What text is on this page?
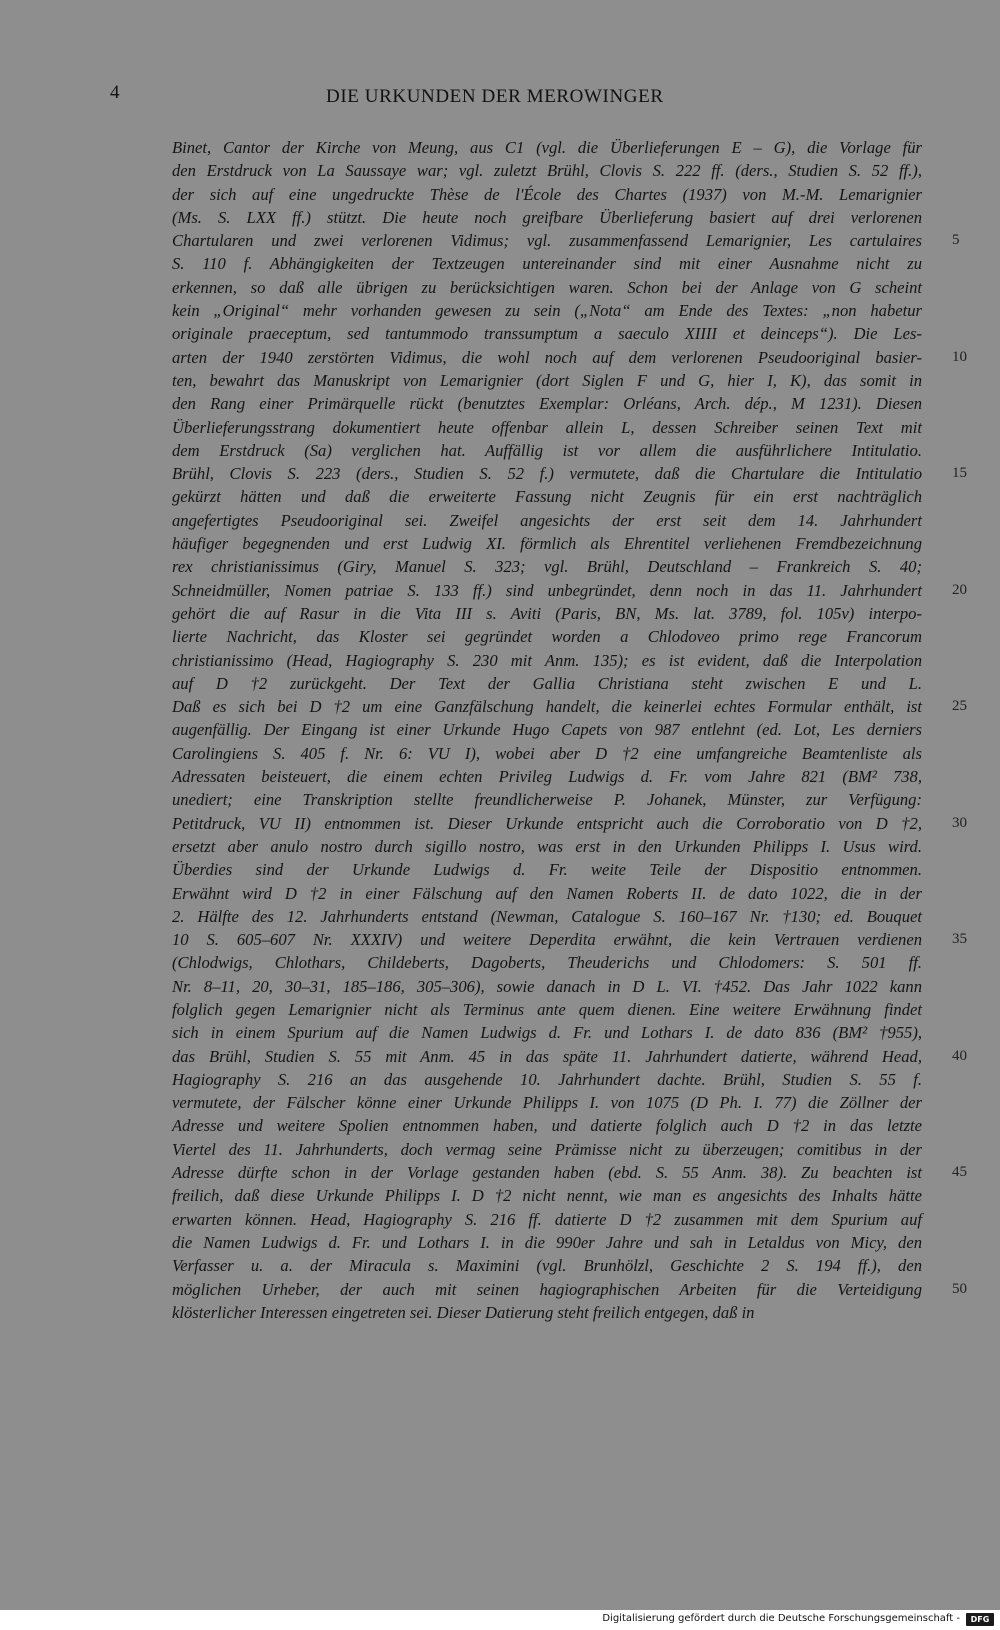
4	DIE URKUNDEN DER MEROWINGER
Binet, Cantor der Kirche von Meung, aus C1 (vgl. die Überlieferungen E – G), die Vorlage für
den Erstdruck von La Saussaye war; vgl. zuletzt Brühl, Clovis S. 222 ff. (ders., Studien S. 52 ff.),
der sich auf eine ungedruckte Thèse de l'École des Chartes (1937) von M.-M. Lemarignier
(Ms. S. LXX ff.) stützt. Die heute noch greifbare Überlieferung basiert auf drei verlorenen
Chartularen und zwei verlorenen Vidimus; vgl. zusammenfassend Lemarignier, Les cartulaires 5
S. 110 f. Abhängigkeiten der Textzeugen untereinander sind mit einer Ausnahme nicht zu
erkennen, so daß alle übrigen zu berücksichtigen waren. Schon bei der Anlage von G scheint
kein „Original“ mehr vorhanden gewesen zu sein („Nota“ am Ende des Textes: „non habetur
originale praeceptum, sed tantummodo transsumptum a saeculo XIIII et deinceps“). Die Les-
arten der 1940 zerstörten Vidimus, die wohl noch auf dem verlorenen Pseudooriginal basier- 10
ten, bewahrt das Manuskript von Lemarignier (dort Siglen F und G, hier I, K), das somit in
den Rang einer Primärquelle rückt (benutztes Exemplar: Orléans, Arch. dép., M 1231). Diesen
Überlieferungsstrang dokumentiert heute offenbar allein L, dessen Schreiber seinen Text mit
dem Erstdruck (Sa) verglichen hat. Auffällig ist vor allem die ausführlichere Intitulatio.
Brühl, Clovis S. 223 (ders., Studien S. 52 f.) vermutete, daß die Chartulare die Intitulatio 15
gekürzt hätten und daß die erweiterte Fassung nicht Zeugnis für ein erst nachträglich
angefertigtes Pseudooriginal sei. Zweifel angesichts der erst seit dem 14. Jahrhundert
häufiger begegnenden und erst Ludwig XI. förmlich als Ehrentitel verliehenen Fremdbezeichnung
rex christianissimus (Giry, Manuel S. 323; vgl. Brühl, Deutschland – Frankreich S. 40;
Schneidmüller, Nomen patriae S. 133 ff.) sind unbegründet, denn noch in das 11. Jahrhundert 20
gehört die auf Rasur in die Vita III s. Aviti (Paris, BN, Ms. lat. 3789, fol. 105v) interpo-
lierte Nachricht, das Kloster sei gegründet worden a Chlodoveo primo rege Francorum
christianissimo (Head, Hagiography S. 230 mit Anm. 135); es ist evident, daß die Interpolation
auf D †2 zurückgeht. Der Text der Gallia Christiana steht zwischen E und L.
Daß es sich bei D †2 um eine Ganzfälschung handelt, die keinerlei echtes Formular enthält, ist 25
augenfällig. Der Eingang ist einer Urkunde Hugo Capets von 987 entlehnt (ed. Lot, Les derniers
Carolingiens S. 405 f. Nr. 6: VU I), wobei aber D †2 eine umfangreiche Beamtenliste als
Adressaten beisteuert, die einem echten Privileg Ludwigs d. Fr. vom Jahre 821 (BM² 738,
unediert; eine Transkription stellte freundlicherweise P. Johanek, Münster, zur Verfügung:
Petitdruck, VU II) entnommen ist. Dieser Urkunde entspricht auch die Corroboratio von D †2, 30
ersetzt aber anulo nostro durch sigillo nostro, was erst in den Urkunden Philipps I. Usus wird.
Überdies sind der Urkunde Ludwigs d. Fr. weite Teile der Dispositio entnommen.
Erwähnt wird D †2 in einer Fälschung auf den Namen Roberts II. de dato 1022, die in der
2. Hälfte des 12. Jahrhunderts entstand (Newman, Catalogue S. 160–167 Nr. †130; ed. Bouquet
10 S. 605–607 Nr. XXXIV) und weitere Deperdita erwähnt, die kein Vertrauen verdienen 35
(Chlodwigs, Chlothars, Childeberts, Dagoberts, Theuderichs und Chlodomers: S. 501 ff.
Nr. 8–11, 20, 30–31, 185–186, 305–306), sowie danach in D L. VI. †452. Das Jahr 1022 kann
folglich gegen Lemarignier nicht als Terminus ante quem dienen. Eine weitere Erwähnung findet
sich in einem Spurium auf die Namen Ludwigs d. Fr. und Lothars I. de dato 836 (BM² †955),
das Brühl, Studien S. 55 mit Anm. 45 in das späte 11. Jahrhundert datierte, während Head, 40
Hagiography S. 216 an das ausgehende 10. Jahrhundert dachte. Brühl, Studien S. 55 f.
vermutete, der Fälscher könne einer Urkunde Philipps I. von 1075 (D Ph. I. 77) die Zöllner der
Adresse und weitere Spolien entnommen haben, und datierte folglich auch D †2 in das letzte
Viertel des 11. Jahrhunderts, doch vermag seine Prämisse nicht zu überzeugen; comitibus in der
Adresse dürfte schon in der Vorlage gestanden haben (ebd. S. 55 Anm. 38). Zu beachten ist 45
freilich, daß diese Urkunde Philipps I. D †2 nicht nennt, wie man es angesichts des Inhalts hätte
erwarten können. Head, Hagiography S. 216 ff. datierte D †2 zusammen mit dem Spurium auf
die Namen Ludwigs d. Fr. und Lothars I. in die 990er Jahre und sah in Letaldus von Micy, den
Verfasser u. a. der Miracula s. Maximini (vgl. Brunhölzl, Geschichte 2 S. 194 ff.), den
möglichen Urheber, der auch mit seinen hagiographischen Arbeiten für die Verteidigung 50
klösterlicher Interessen eingetreten sei. Dieser Datierung steht freilich entgegen, daß in
Digitalisierung gefördert durch die Deutsche Forschungsgemeinschaft -	DFG
